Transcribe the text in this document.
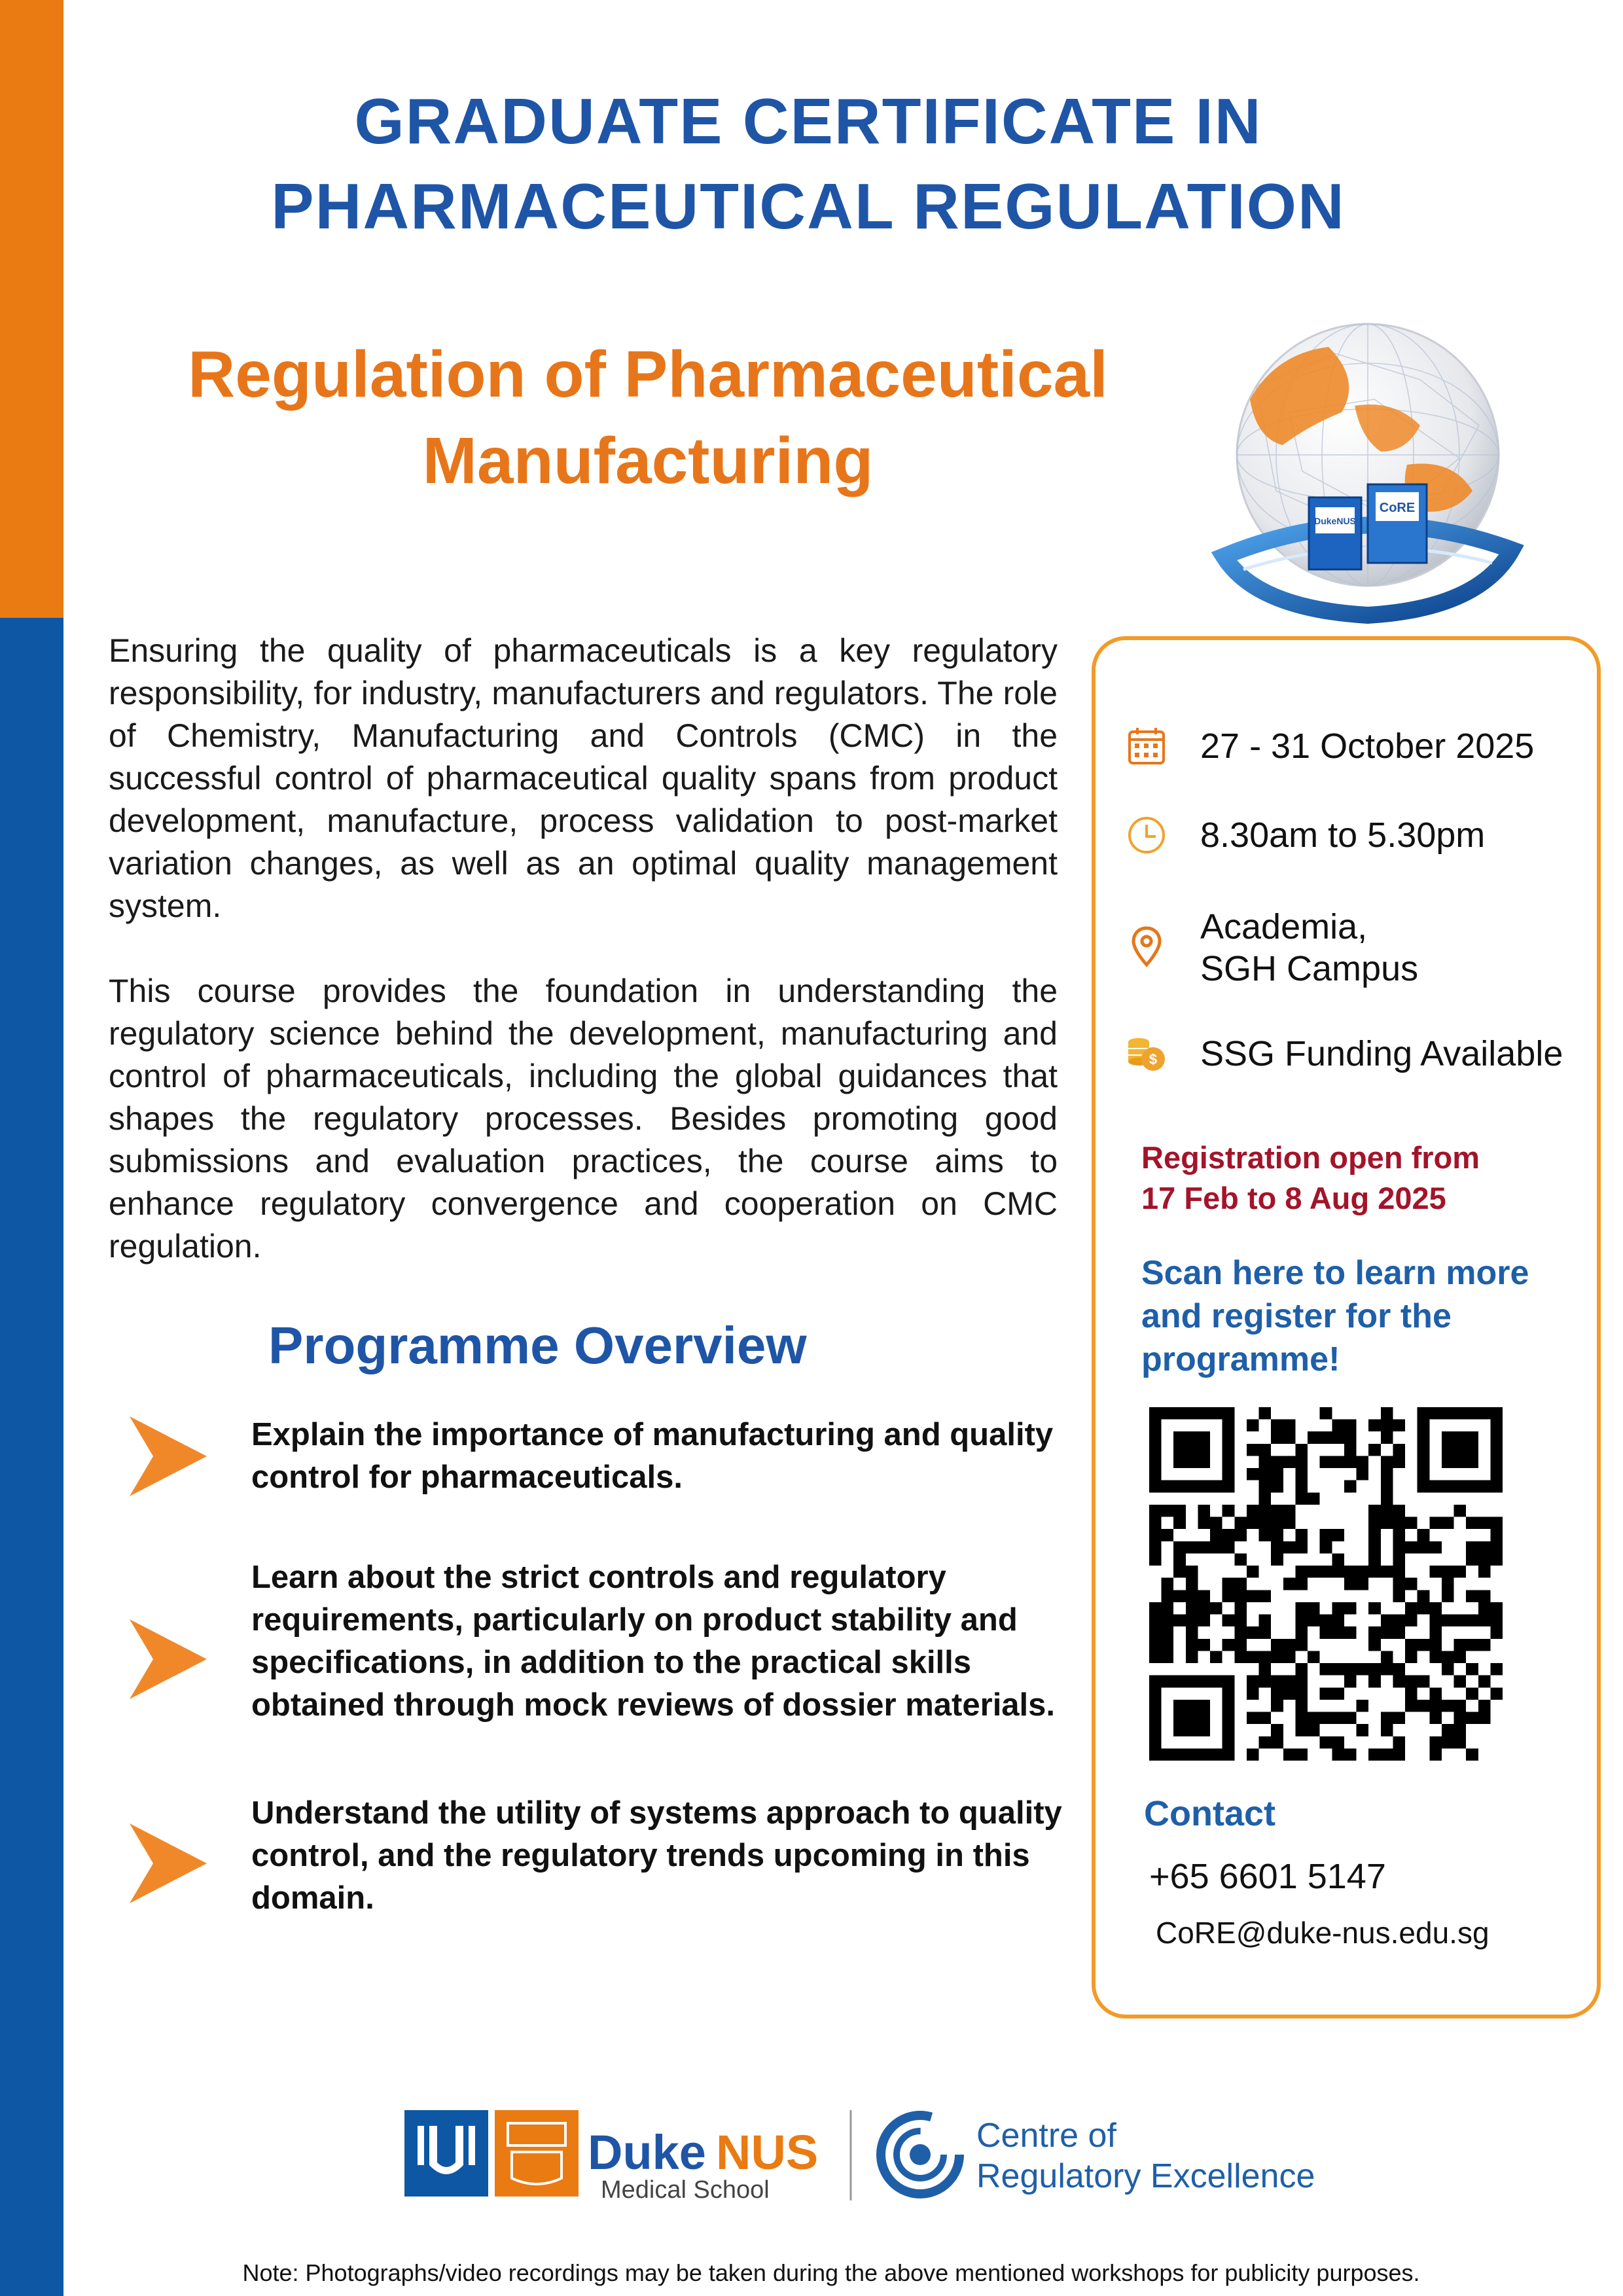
GRADUATE CERTIFICATE IN
PHARMACEUTICAL REGULATION
Regulation of Pharmaceutical
Manufacturing
CoRE
DukeNUS

Ensuring the quality of pharmaceuticals is a key regulatory responsibility, for industry, manufacturers and regulators. The role of Chemistry, Manufacturing and Controls (CMC) in the successful control of pharmaceutical quality spans from product development, manufacture, process validation to post-market variation changes, as well as an optimal quality management system.

This course provides the foundation in understanding the regulatory science behind the development, manufacturing and control of pharmaceuticals, including the global guidances that shapes the regulatory processes. Besides promoting good submissions and evaluation practices, the course aims to enhance regulatory convergence and cooperation on CMC regulation.

Programme Overview
Explain the importance of manufacturing and quality control for pharmaceuticals.
Learn about the strict controls and regulatory requirements, particularly on product stability and specifications, in addition to the practical skills obtained through mock reviews of dossier materials.
Understand the utility of systems approach to quality control, and the regulatory trends upcoming in this domain.
27 - 31 October 2025
8.30am to 5.30pm
Academia,
SGH Campus
$ SSG Funding Available
Registration open from
17 Feb to 8 Aug 2025
Scan here to learn more
and register for the
programme!
Contact
+65 6601 5147
CoRE@duke-nus.edu.sg
Duke NUS
Medical School
Centre of
Regulatory Excellence
Note: Photographs/video recordings may be taken during the above mentioned workshops for publicity purposes.
